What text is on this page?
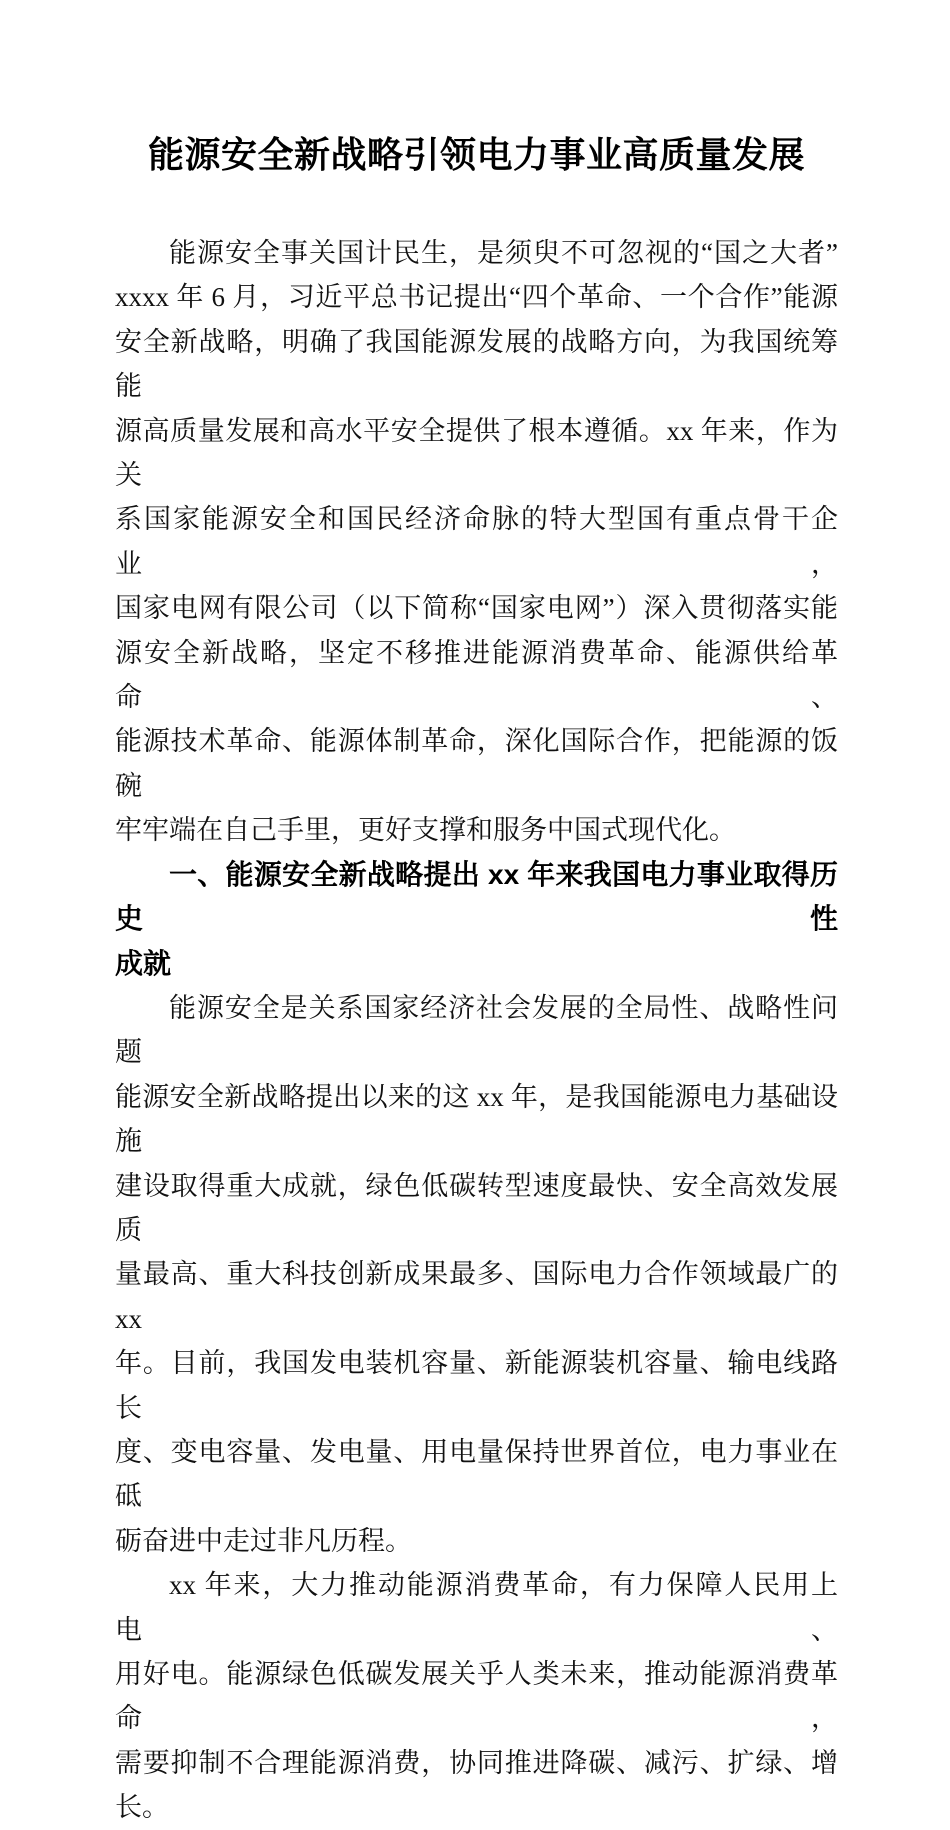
能源安全新战略引领电力事业高质量发展

能源安全事关国计民生，是须臾不可忽视的“国之大者”

xxxx 年 6 月，习近平总书记提出“四个革命、一个合作”能源

安全新战略，明确了我国能源发展的战略方向，为我国统筹能

源高质量发展和高水平安全提供了根本遵循。xx 年来，作为关

系国家能源安全和国民经济命脉的特大型国有重点骨干企业，

国家电网有限公司（以下简称“国家电网”）深入贯彻落实能

源安全新战略，坚定不移推进能源消费革命、能源供给革命、

能源技术革命、能源体制革命，深化国际合作，把能源的饭碗

牢牢端在自己手里，更好支撑和服务中国式现代化。

一、能源安全新战略提出 xx 年来我国电力事业取得历史性

成就

能源安全是关系国家经济社会发展的全局性、战略性问题

能源安全新战略提出以来的这 xx 年，是我国能源电力基础设施

建设取得重大成就，绿色低碳转型速度最快、安全高效发展质

量最高、重大科技创新成果最多、国际电力合作领域最广的 xx

年。目前，我国发电装机容量、新能源装机容量、输电线路长

度、变电容量、发电量、用电量保持世界首位，电力事业在砥

砺奋进中走过非凡历程。

xx 年来，大力推动能源消费革命，有力保障人民用上电、

用好电。能源绿色低碳发展关乎人类未来，推动能源消费革命，

需要抑制不合理能源消费，协同推进降碳、减污、扩绿、增长。
